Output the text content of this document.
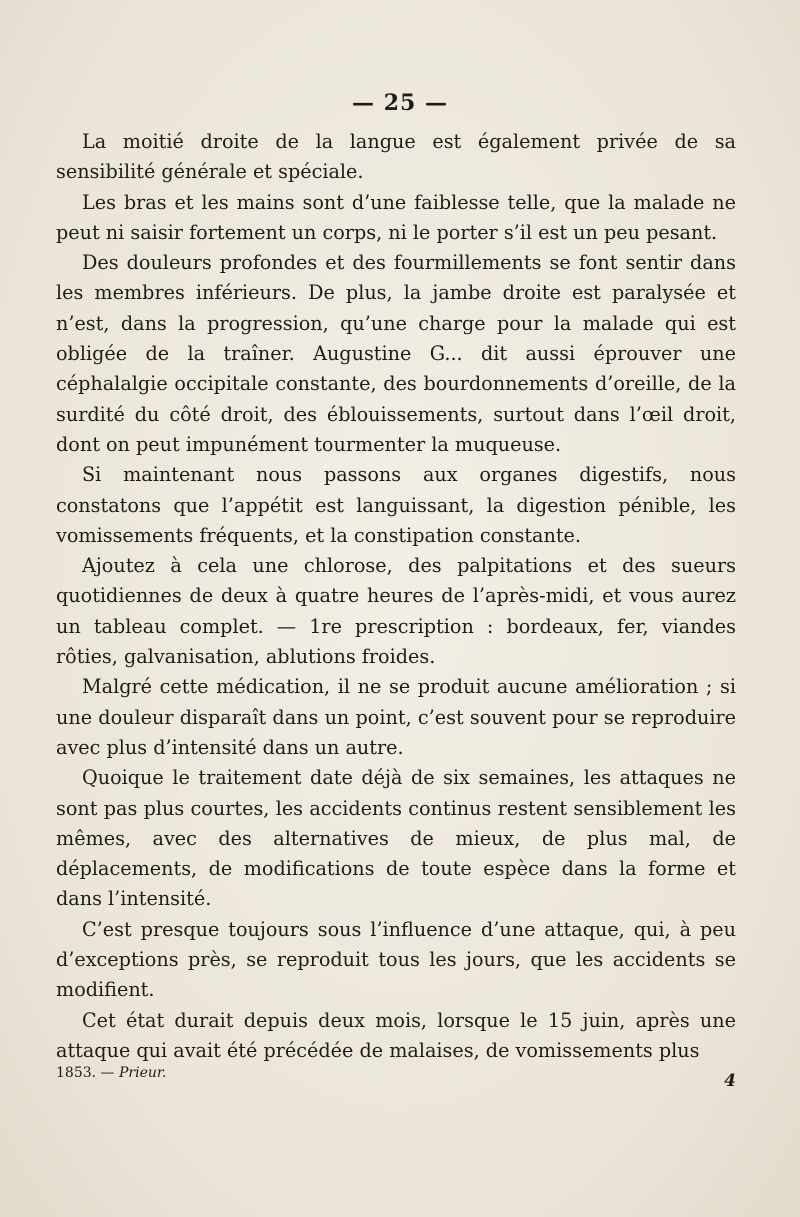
— 25 —

La moitié droite de la langue est également privée de sa sensibilité générale et spéciale.

Les bras et les mains sont d’une faiblesse telle, que la malade ne peut ni saisir fortement un corps, ni le porter s’il est un peu pesant.

Des douleurs profondes et des fourmillements se font sentir dans les membres inférieurs. De plus, la jambe droite est paralysée et n’est, dans la progression, qu’une charge pour la malade qui est obligée de la traîner. Augustine G... dit aussi éprouver une céphalalgie occipitale constante, des bourdonnements d’oreille, de la surdité du côté droit, des éblouissements, surtout dans l’œil droit, dont on peut impunément tourmenter la muqueuse.

Si maintenant nous passons aux organes digestifs, nous constatons que l’appétit est languissant, la digestion pénible, les vomissements fréquents, et la constipation constante.

Ajoutez à cela une chlorose, des palpitations et des sueurs quotidiennes de deux à quatre heures de l’après-midi, et vous aurez un tableau complet. — 1re prescription : bordeaux, fer, viandes rôties, galvanisation, ablutions froides.

Malgré cette médication, il ne se produit aucune amélioration ; si une douleur disparaît dans un point, c’est souvent pour se reproduire avec plus d’intensité dans un autre.

Quoique le traitement date déjà de six semaines, les attaques ne sont pas plus courtes, les accidents continus restent sensiblement les mêmes, avec des alternatives de mieux, de plus mal, de déplacements, de modifications de toute espèce dans la forme et dans l’intensité.

C’est presque toujours sous l’influence d’une attaque, qui, à peu d’exceptions près, se reproduit tous les jours, que les accidents se modifient.

Cet état durait depuis deux mois, lorsque le 15 juin, après une attaque qui avait été précédée de malaises, de vomissements plus

1853. — Prieur.	4
